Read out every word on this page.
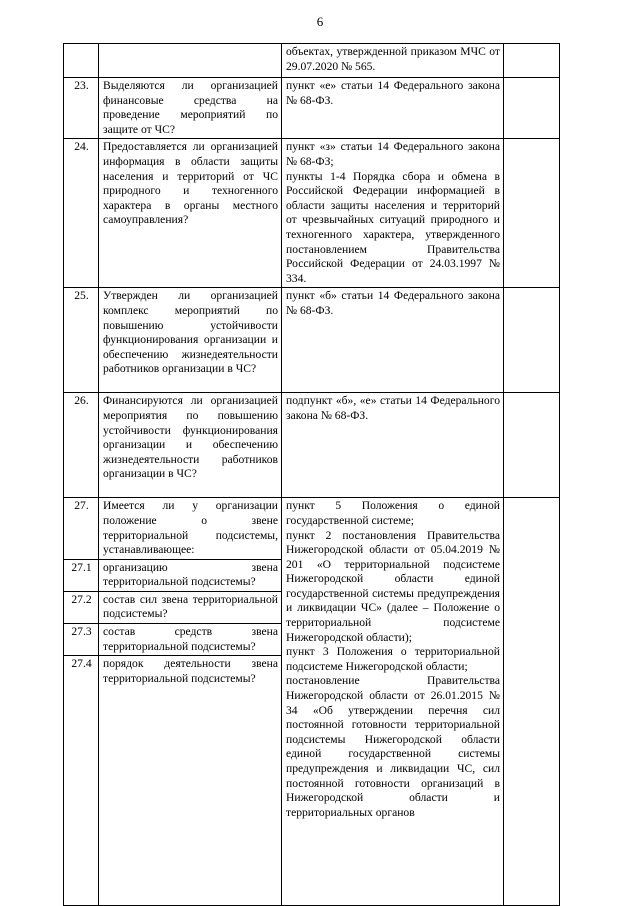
6

		объектах, утвержденной приказом МЧС от 29.07.2020 № 565.	

23.	Выделяются ли организацией финансовые средства на проведение мероприятий по защите от ЧС?	пункт «е» статьи 14 Федерального закона № 68-ФЗ.	

24.	Предоставляется ли организацией информация в области защиты населения и территорий от ЧС природного и техногенного характера в органы местного самоуправления?	пункт «з» статьи 14 Федерального закона № 68-ФЗ;
пункты 1-4 Порядка сбора и обмена в Российской Федерации информацией в области защиты населения и территорий от чрезвычайных ситуаций природного и техногенного характера, утвержденного постановлением Правительства Российской Федерации от 24.03.1997 № 334.	

25.	Утвержден ли организацией комплекс мероприятий по повышению устойчивости функционирования организации и обеспечению жизнедеятельности работников организации в ЧС?	пункт «б» статьи 14 Федерального закона № 68-ФЗ.	

26.	Финансируются ли организацией мероприятия по повышению устойчивости функционирования организации и обеспечению жизнедеятельности работников организации в ЧС?	подпункт «б», «е» статьи 14 Федерального закона № 68-ФЗ.	

27.	Имеется ли у организации положение о звене территориальной подсистемы, устанавливающее:	пункт 5 Положения о единой государственной системе;
пункт 2 постановления Правительства Нижегородской области от 05.04.2019 № 201 «О территориальной подсистеме Нижегородской области единой государственной системы предупреждения и ликвидации ЧС» (далее – Положение о территориальной подсистеме Нижегородской области);
пункт 3 Положения о территориальной подсистеме Нижегородской области;
постановление Правительства Нижегородской области от 26.01.2015 № 34 «Об утверждении перечня сил постоянной готовности территориальной подсистемы Нижегородской области единой государственной системы предупреждения и ликвидации ЧС, сил постоянной готовности организаций в Нижегородской области и территориальных органов	

27.1	организацию звена территориальной подсистемы?		

27.2	состав сил звена территориальной подсистемы?		

27.3	состав средств звена территориальной подсистемы?		

27.4	порядок деятельности звена территориальной подсистемы?		
